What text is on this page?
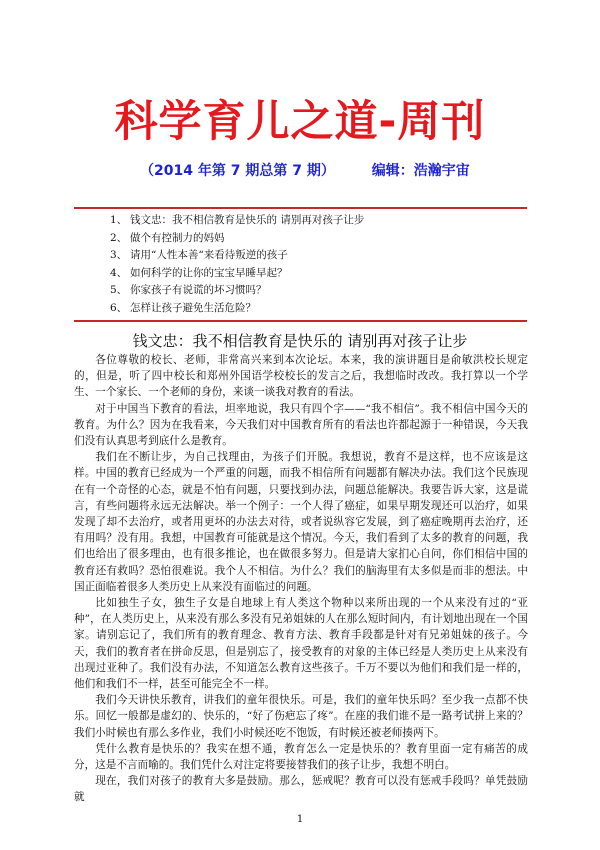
科学育儿之道-周刊
（2014 年第 7 期总第 7 期）	编辑：浩瀚宇宙
1、 钱文忠：我不相信教育是快乐的 请别再对孩子让步
2、 做个有控制力的妈妈
3、 请用“人性本善“来看待叛逆的孩子
4、 如何科学的让你的宝宝早睡早起？
5、 你家孩子有说谎的坏习惯吗？
6、 怎样让孩子避免生活危险？
钱文忠：我不相信教育是快乐的 请别再对孩子让步

各位尊敬的校长、老师，非常高兴来到本次论坛。本来，我的演讲题目是俞敏洪校长规定的，但是，听了四中校长和郑州外国语学校校长的发言之后，我想临时改改。我打算以一个学生、一个家长、一个老师的身份，来谈一谈我对教育的看法。

对于中国当下教育的看法，坦率地说，我只有四个字——“我不相信”。我不相信中国今天的教育。为什么？因为在我看来，今天我们对中国教育所有的看法也许都起源于一种错误，今天我们没有认真思考到底什么是教育。

我们在不断让步，为自己找理由，为孩子们开脱。我想说，教育不是这样，也不应该是这样。中国的教育已经成为一个严重的问题，而我不相信所有问题都有解决办法。我们这个民族现在有一个奇怪的心态，就是不怕有问题，只要找到办法，问题总能解决。我要告诉大家，这是谎言，有些问题将永远无法解决。举一个例子：一个人得了癌症，如果早期发现还可以治疗，如果发现了却不去治疗，或者用更坏的办法去对待，或者说纵容它发展，到了癌症晚期再去治疗，还有用吗？没有用。我想，中国教育可能就是这个情况。今天，我们看到了太多的教育的问题，我们也给出了很多理由，也有很多推论，也在做很多努力。但是请大家扪心自问，你们相信中国的教育还有救吗？恐怕很难说。我个人不相信。为什么？我们的脑海里有太多似是而非的想法。中国正面临着很多人类历史上从来没有面临过的问题。

比如独生子女，独生子女是自地球上有人类这个物种以来所出现的一个从来没有过的“亚种”，在人类历史上，从来没有那么多没有兄弟姐妹的人在那么短时间内，有计划地出现在一个国家。请别忘记了，我们所有的教育理念、教育方法、教育手段都是针对有兄弟姐妹的孩子。今天，我们的教育者在拼命反思，但是别忘了，接受教育的对象的主体已经是人类历史上从来没有出现过亚种了。我们没有办法，不知道怎么教育这些孩子。千万不要以为他们和我们是一样的，他们和我们不一样，甚至可能完全不一样。

我们今天讲快乐教育，讲我们的童年很快乐。可是，我们的童年快乐吗？至少我一点都不快乐。回忆一般都是虚幻的、快乐的，“好了伤疤忘了疼”。在座的我们谁不是一路考试拼上来的？我们小时候也有那么多作业，我们小时候还吃不饱饭，有时候还被老师揍两下。

凭什么教育是快乐的？我实在想不通，教育怎么一定是快乐的？教育里面一定有痛苦的成分，这是不言而喻的。我们凭什么对注定将要接替我们的孩子让步，我想不明白。

现在，我们对孩子的教育大多是鼓励。那么，惩戒呢？教育可以没有惩戒手段吗？单凭鼓励就

1
